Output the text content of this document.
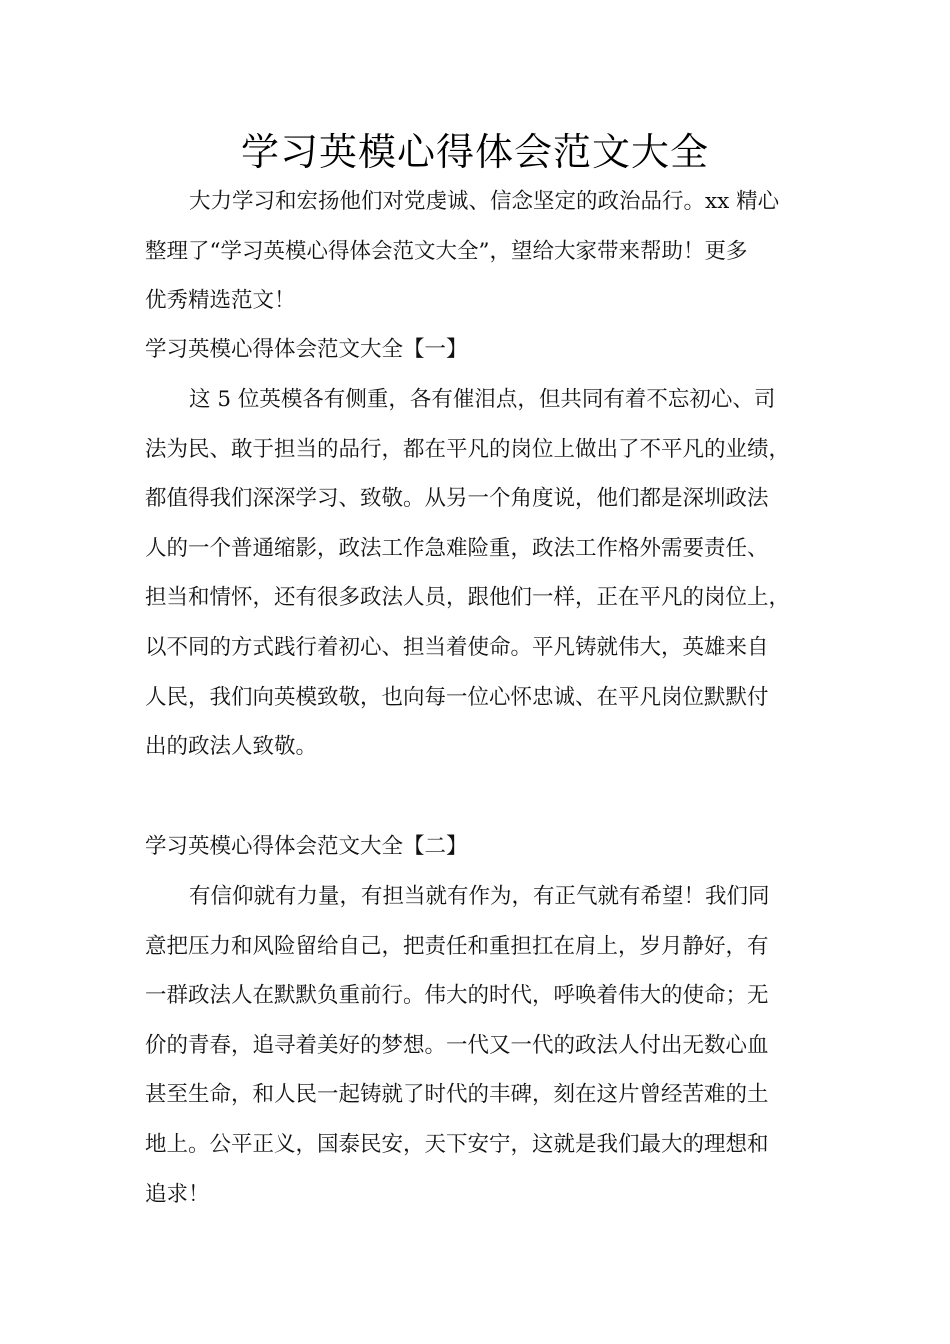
学习英模心得体会范文大全
大力学习和宏扬他们对党虔诚、信念坚定的政治品行。xx 精心
整理了“学习英模心得体会范文大全”，望给大家带来帮助！更多
优秀精选范文！

学习英模心得体会范文大全【一】

这 5 位英模各有侧重，各有催泪点，但共同有着不忘初心、司
法为民、敢于担当的品行，都在平凡的岗位上做出了不平凡的业绩，
都值得我们深深学习、致敬。从另一个角度说，他们都是深圳政法
人的一个普通缩影，政法工作急难险重，政法工作格外需要责任、
担当和情怀，还有很多政法人员，跟他们一样，正在平凡的岗位上，
以不同的方式践行着初心、担当着使命。平凡铸就伟大，英雄来自
人民，我们向英模致敬，也向每一位心怀忠诚、在平凡岗位默默付
出的政法人致敬。

学习英模心得体会范文大全【二】

有信仰就有力量，有担当就有作为，有正气就有希望！我们同
意把压力和风险留给自己，把责任和重担扛在肩上，岁月静好，有
一群政法人在默默负重前行。伟大的时代，呼唤着伟大的使命；无
价的青春，追寻着美好的梦想。一代又一代的政法人付出无数心血
甚至生命，和人民一起铸就了时代的丰碑，刻在这片曾经苦难的土
地上。公平正义，国泰民安，天下安宁，这就是我们最大的理想和
追求！
